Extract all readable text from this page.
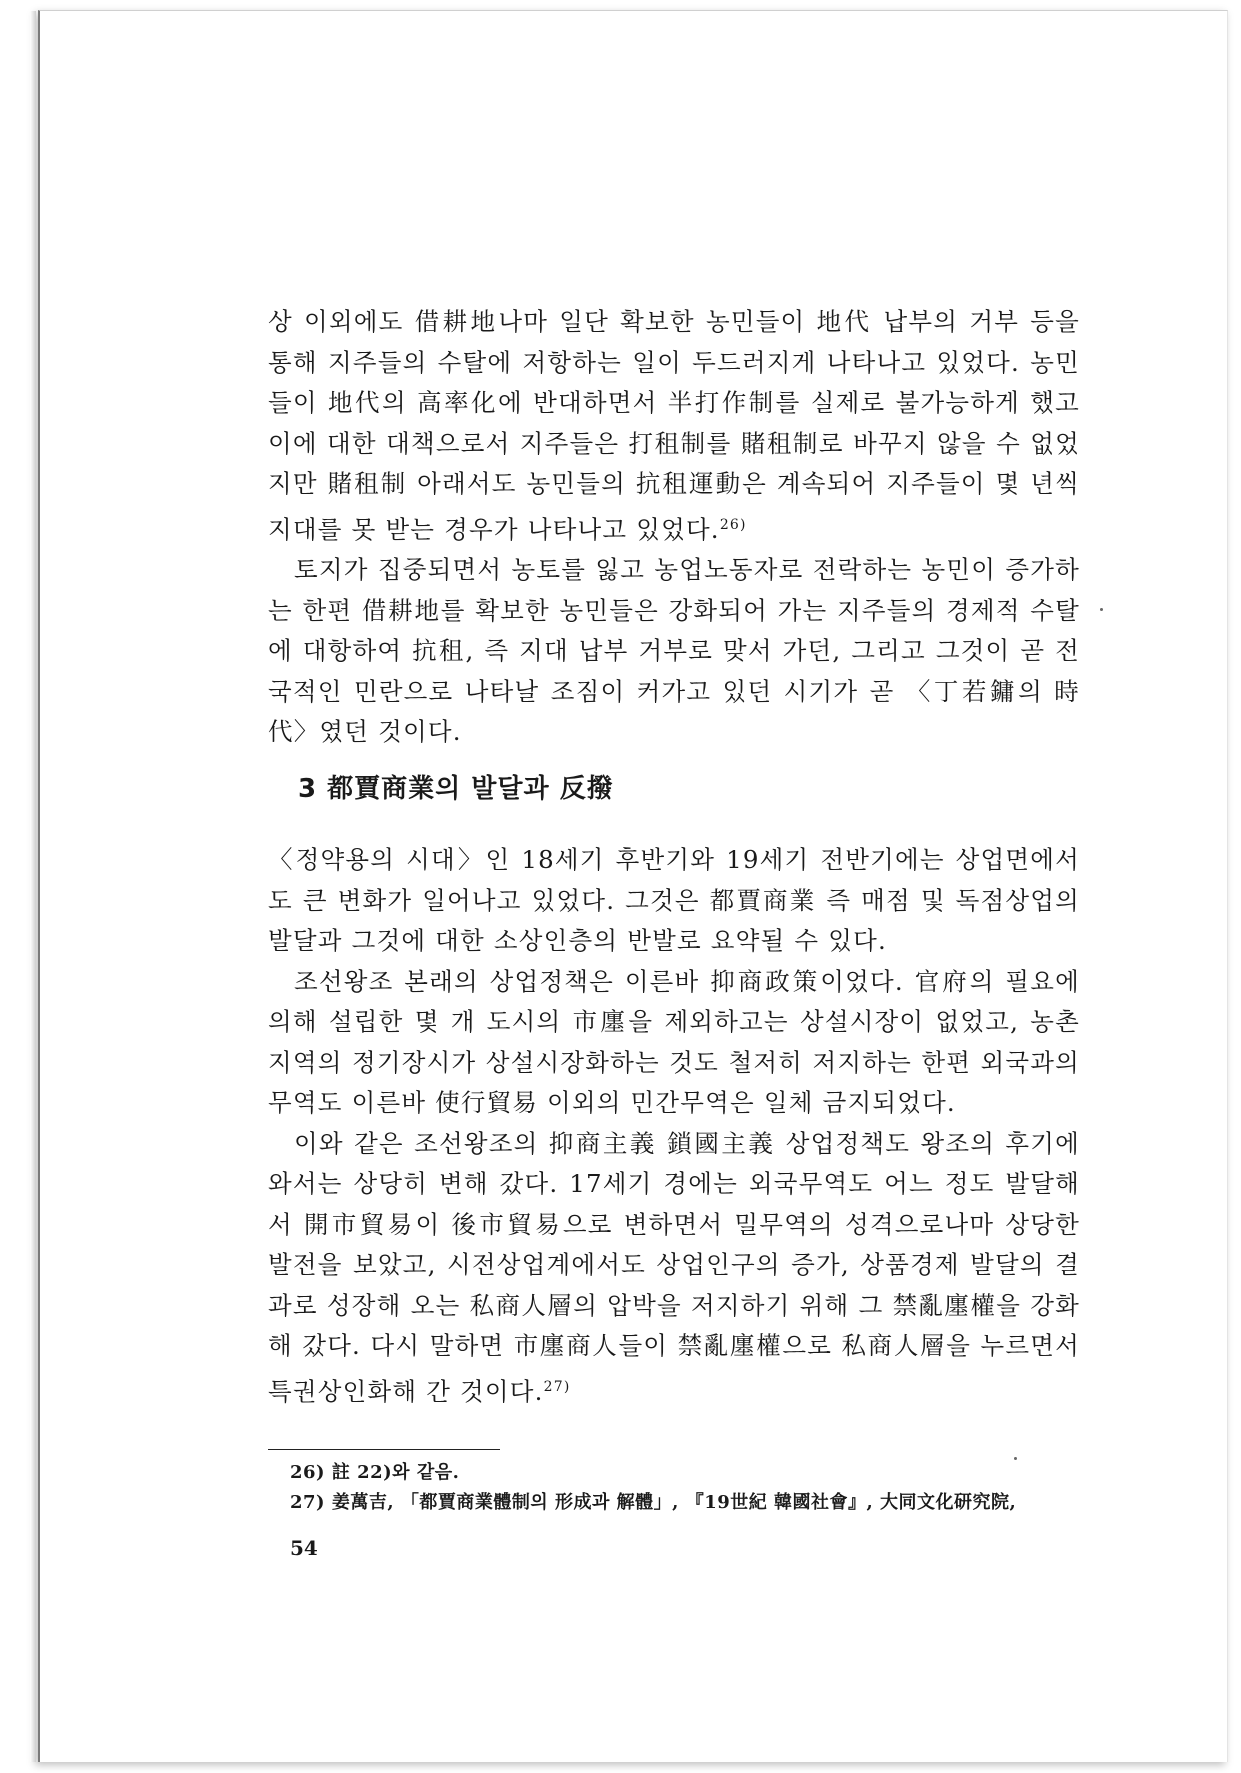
상 이외에도 借耕地나마 일단 확보한 농민들이 地代 납부의 거부 등을 통해 지주들의 수탈에 저항하는 일이 두드러지게 나타나고 있었다. 농민들이 地代의 高率化에 반대하면서 半打作制를 실제로 불가능하게 했고 이에 대한 대책으로서 지주들은 打租制를 賭租制로 바꾸지 않을 수 없었지만 賭租制 아래서도 농민들의 抗租運動은 계속되어 지주들이 몇 년씩 지대를 못 받는 경우가 나타나고 있었다.$^{26)}$

토지가 집중되면서 농토를 잃고 농업노동자로 전락하는 농민이 증가하는 한편 借耕地를 확보한 농민들은 강화되어 가는 지주들의 경제적 수탈에 대항하여 抗租, 즉 지대 납부 거부로 맞서 가던, 그리고 그것이 곧 전국적인 민란으로 나타날 조짐이 커가고 있던 시기가 곧 〈丁若鏞의 時代〉였던 것이다.

3 都賈商業의 발달과 反撥

〈정약용의 시대〉인 18세기 후반기와 19세기 전반기에는 상업면에서도 큰 변화가 일어나고 있었다. 그것은 都賈商業 즉 매점 및 독점상업의 발달과 그것에 대한 소상인층의 반발로 요약될 수 있다.

조선왕조 본래의 상업정책은 이른바 抑商政策이었다. 官府의 필요에 의해 설립한 몇 개 도시의 市廛을 제외하고는 상설시장이 없었고, 농촌지역의 정기장시가 상설시장화하는 것도 철저히 저지하는 한편 외국과의 무역도 이른바 使行貿易 이외의 민간무역은 일체 금지되었다.

이와 같은 조선왕조의 抑商主義 鎖國主義 상업정책도 왕조의 후기에 와서는 상당히 변해 갔다. 17세기 경에는 외국무역도 어느 정도 발달해서 開市貿易이 後市貿易으로 변하면서 밀무역의 성격으로나마 상당한 발전을 보았고, 시전상업계에서도 상업인구의 증가, 상품경제 발달의 결과로 성장해 오는 私商人層의 압박을 저지하기 위해 그 禁亂廛權을 강화해 갔다. 다시 말하면 市廛商人들이 禁亂廛權으로 私商人層을 누르면서 특권상인화해 간 것이다.$^{27)}$

26) 註 22)와 같음.
27) 姜萬吉, 「都賈商業體制의 形成과 解體」, 『19世紀 韓國社會』, 大同文化研究院,
54
